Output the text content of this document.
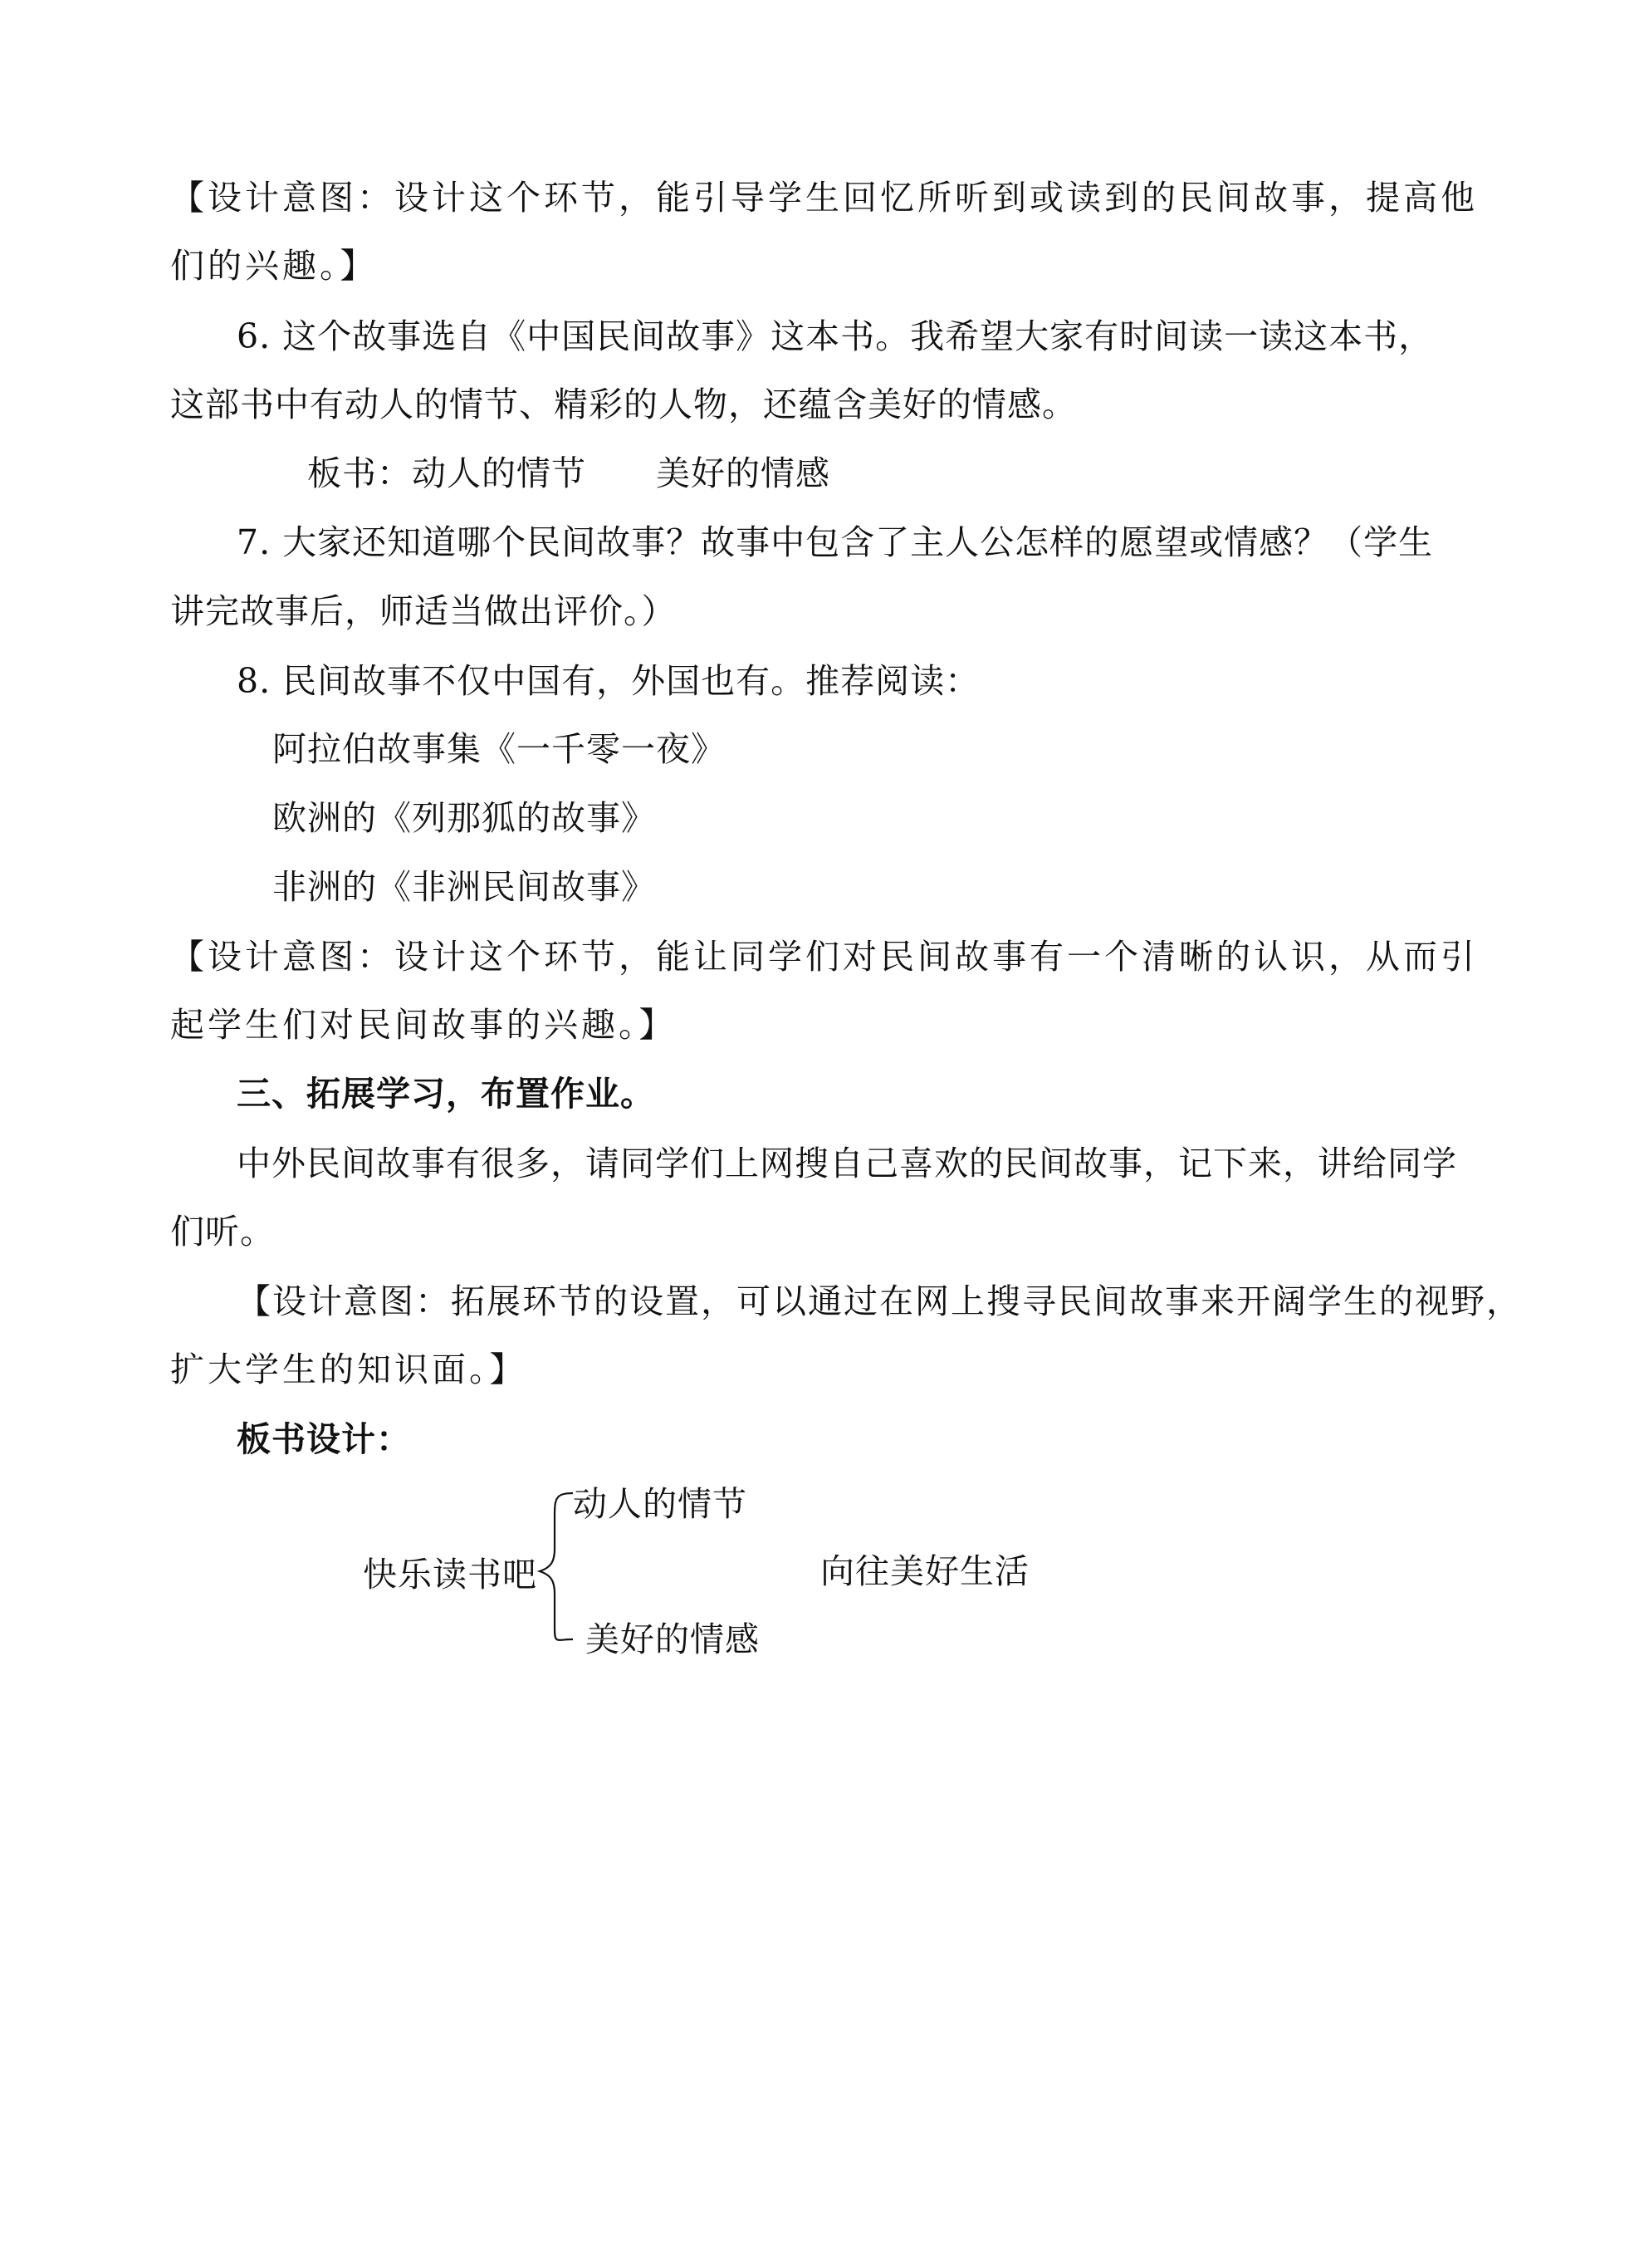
【设计意图：设计这个环节，能引导学生回忆所听到或读到的民间故事，提高他
们的兴趣。】
6. 这个故事选自《中国民间故事》这本书。我希望大家有时间读一读这本书，
这部书中有动人的情节、精彩的人物，还蕴含美好的情感。
板书：动人的情节　　美好的情感
7. 大家还知道哪个民间故事？故事中包含了主人公怎样的愿望或情感？（学生
讲完故事后，师适当做出评价。）
8. 民间故事不仅中国有，外国也有。推荐阅读：
阿拉伯故事集《一千零一夜》
欧洲的《列那狐的故事》
非洲的《非洲民间故事》
【设计意图：设计这个环节，能让同学们对民间故事有一个清晰的认识，从而引
起学生们对民间故事的兴趣。】
三、拓展学习，布置作业。
中外民间故事有很多，请同学们上网搜自己喜欢的民间故事，记下来，讲给同学
们听。
【设计意图：拓展环节的设置，可以通过在网上搜寻民间故事来开阔学生的视野，
扩大学生的知识面。】
板书设计：
快乐读书吧
动人的情节
美好的情感
向往美好生活
